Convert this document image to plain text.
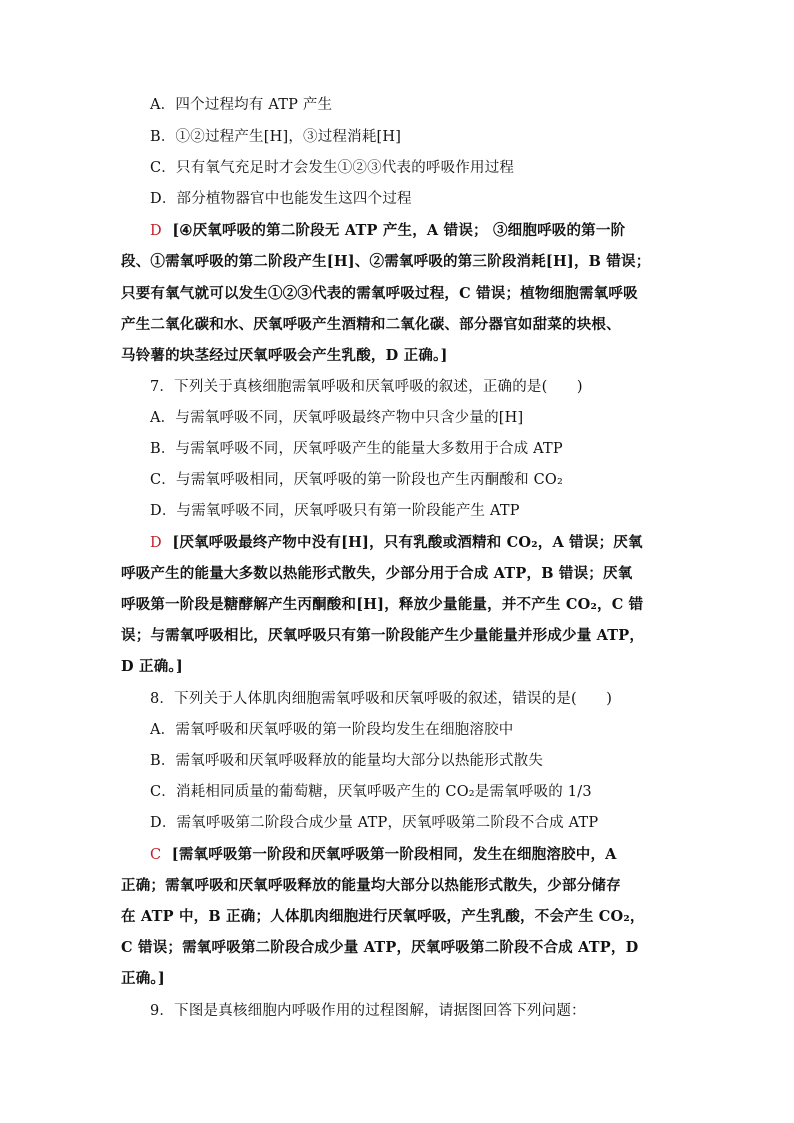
A．四个过程均有 ATP 产生
B．①②过程产生[H]，③过程消耗[H]
C．只有氧气充足时才会发生①②③代表的呼吸作用过程
D．部分植物器官中也能发生这四个过程
D [④厌氧呼吸的第二阶段无 ATP 产生，A 错误； ③细胞呼吸的第一阶
段、①需氧呼吸的第二阶段产生[H]、②需氧呼吸的第三阶段消耗[H]，B 错误；
只要有氧气就可以发生①②③代表的需氧呼吸过程，C 错误；植物细胞需氧呼吸
产生二氧化碳和水、厌氧呼吸产生酒精和二氧化碳、部分器官如甜菜的块根、
马铃薯的块茎经过厌氧呼吸会产生乳酸，D 正确。]
7．下列关于真核细胞需氧呼吸和厌氧呼吸的叙述，正确的是(　　)
A．与需氧呼吸不同，厌氧呼吸最终产物中只含少量的[H]
B．与需氧呼吸不同，厌氧呼吸产生的能量大多数用于合成 ATP
C．与需氧呼吸相同，厌氧呼吸的第一阶段也产生丙酮酸和 CO₂
D．与需氧呼吸不同，厌氧呼吸只有第一阶段能产生 ATP
D [厌氧呼吸最终产物中没有[H]，只有乳酸或酒精和 CO₂，A 错误；厌氧
呼吸产生的能量大多数以热能形式散失，少部分用于合成 ATP，B 错误；厌氧
呼吸第一阶段是糖酵解产生丙酮酸和[H]，释放少量能量，并不产生 CO₂，C 错
误；与需氧呼吸相比，厌氧呼吸只有第一阶段能产生少量能量并形成少量 ATP，
D 正确。]
8．下列关于人体肌肉细胞需氧呼吸和厌氧呼吸的叙述，错误的是(　　)
A．需氧呼吸和厌氧呼吸的第一阶段均发生在细胞溶胶中
B．需氧呼吸和厌氧呼吸释放的能量均大部分以热能形式散失
C．消耗相同质量的葡萄糖，厌氧呼吸产生的 CO₂是需氧呼吸的 1/3
D．需氧呼吸第二阶段合成少量 ATP，厌氧呼吸第二阶段不合成 ATP
C [需氧呼吸第一阶段和厌氧呼吸第一阶段相同，发生在细胞溶胶中，A
正确；需氧呼吸和厌氧呼吸释放的能量均大部分以热能形式散失，少部分储存
在 ATP 中，B 正确；人体肌肉细胞进行厌氧呼吸，产生乳酸，不会产生 CO₂，
C 错误；需氧呼吸第二阶段合成少量 ATP，厌氧呼吸第二阶段不合成 ATP，D
正确。]
9．下图是真核细胞内呼吸作用的过程图解，请据图回答下列问题：
